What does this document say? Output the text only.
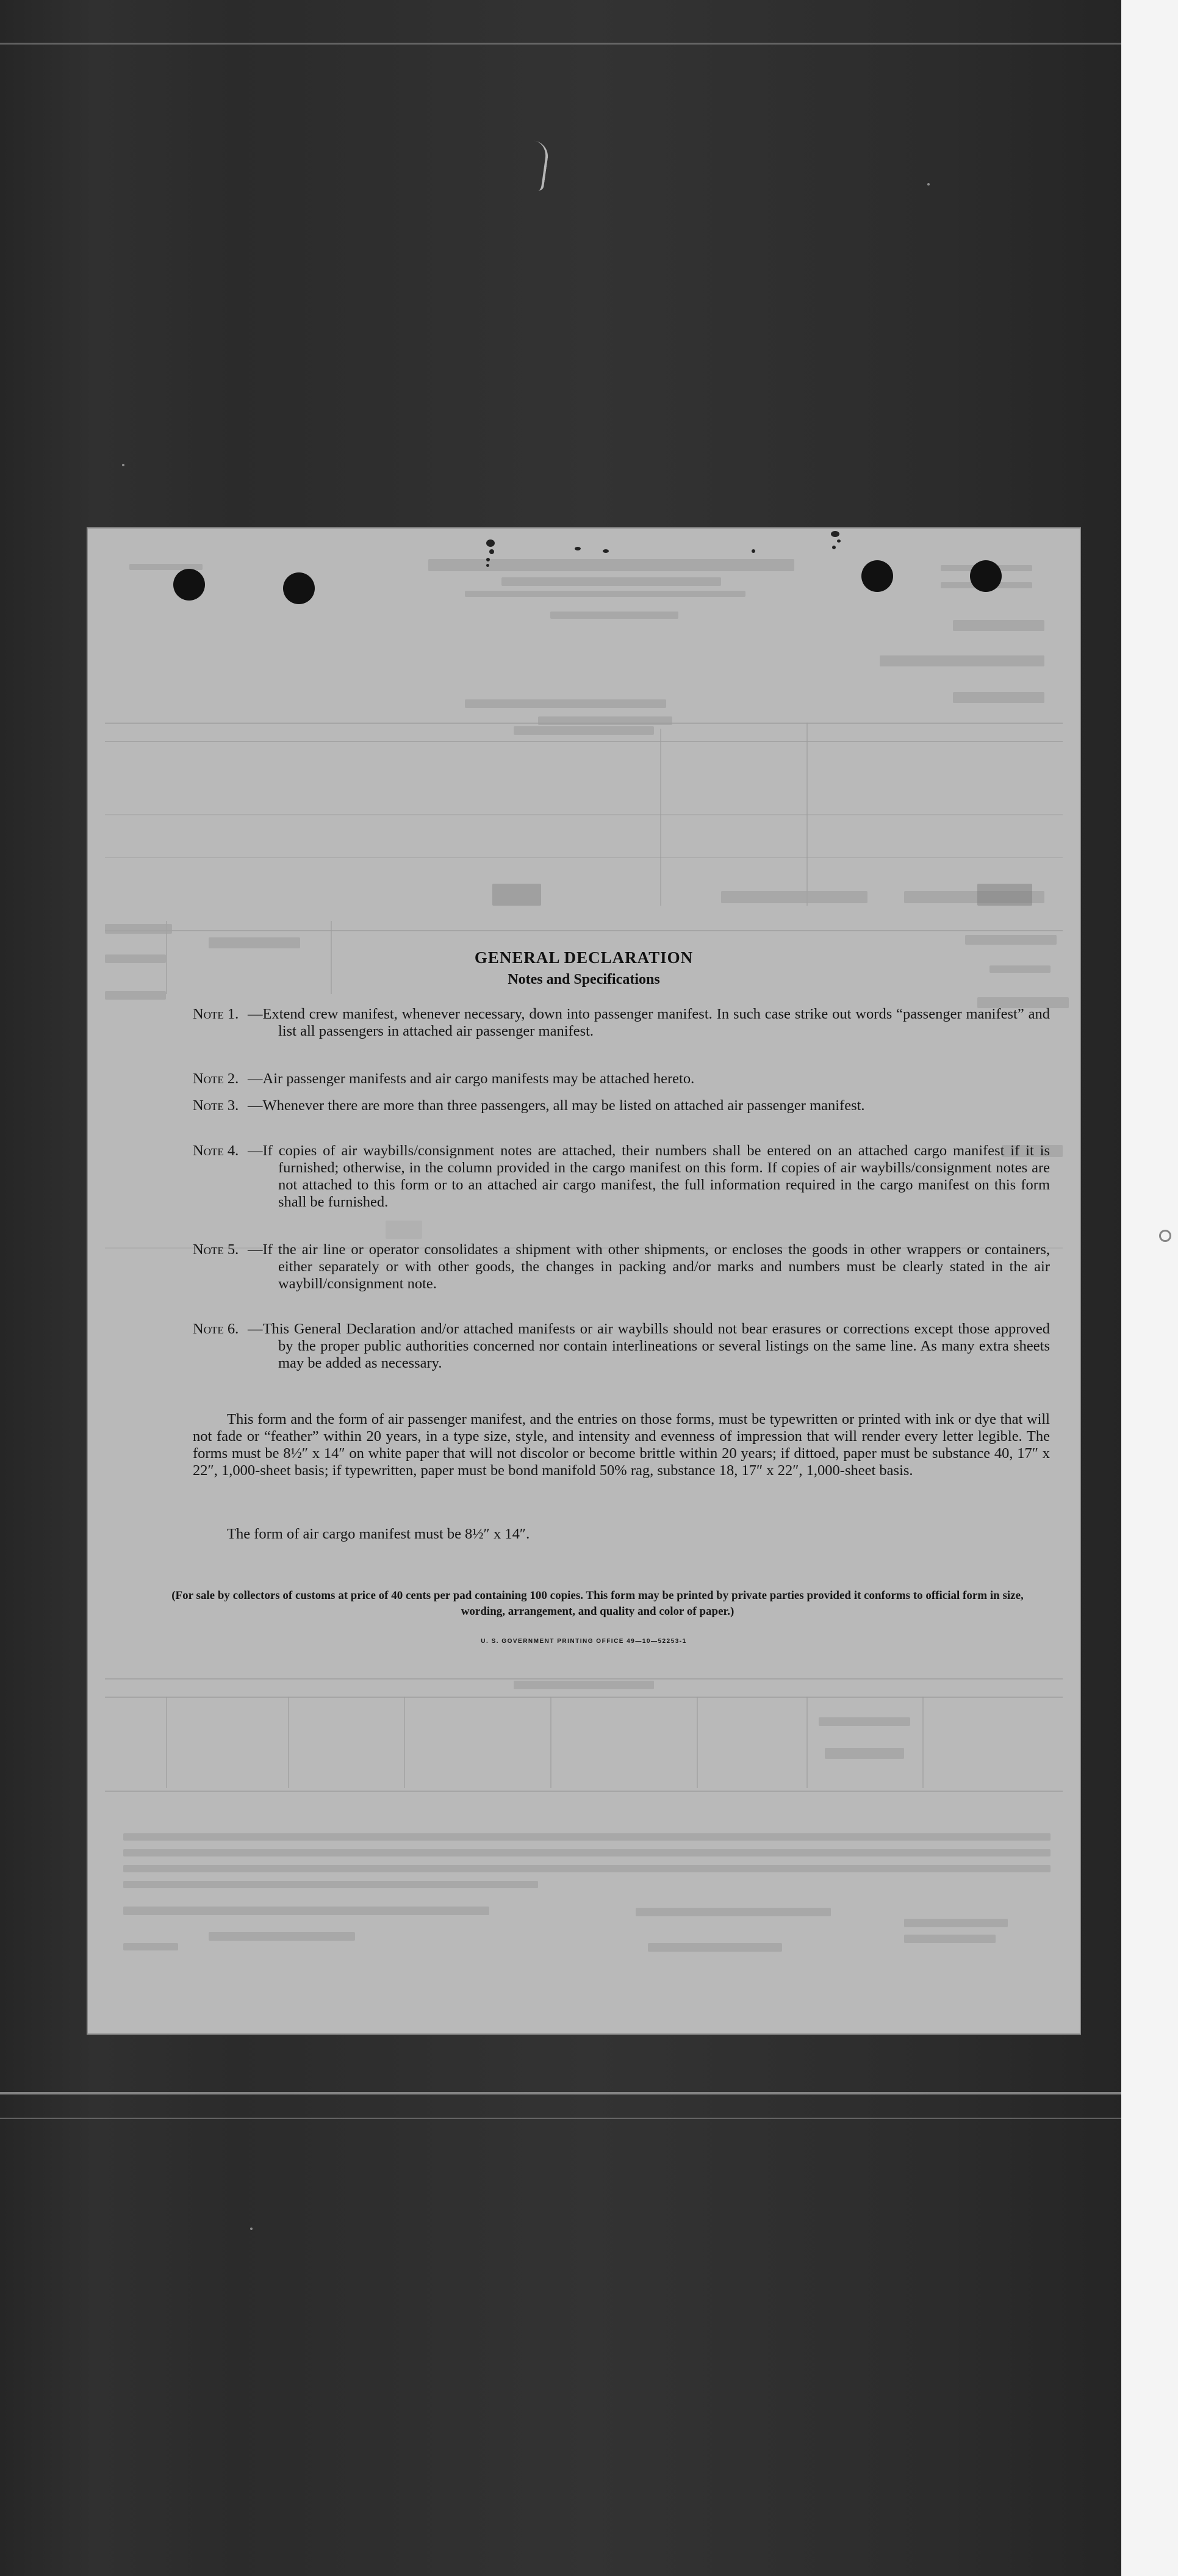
GENERAL DECLARATION
Notes and Specifications
Note 1. —Extend crew manifest, whenever necessary, down into passenger manifest. In such case strike out words “passenger manifest” and list all passengers in attached air passenger manifest.
Note 2. —Air passenger manifests and air cargo manifests may be attached hereto.
Note 3. —Whenever there are more than three passengers, all may be listed on attached air passenger manifest.
Note 4. —If copies of air waybills/consignment notes are attached, their numbers shall be entered on an attached cargo manifest if it is furnished; otherwise, in the column provided in the cargo manifest on this form. If copies of air waybills/consignment notes are not attached to this form or to an attached air cargo manifest, the full information required in the cargo manifest on this form shall be furnished.
Note 5. —If the air line or operator consolidates a shipment with other shipments, or encloses the goods in other wrappers or containers, either separately or with other goods, the changes in packing and/or marks and numbers must be clearly stated in the air waybill/consignment note.
Note 6. —This General Declaration and/or attached manifests or air waybills should not bear erasures or corrections except those approved by the proper public authorities concerned nor contain interlineations or several listings on the same line. As many extra sheets may be added as necessary.
This form and the form of air passenger manifest, and the entries on those forms, must be typewritten or printed with ink or dye that will not fade or “feather” within 20 years, in a type size, style, and intensity and evenness of impression that will render every letter legible. The forms must be 8½″ x 14″ on white paper that will not discolor or become brittle within 20 years; if dittoed, paper must be substance 40, 17″ x 22″, 1,000-sheet basis; if typewritten, paper must be bond manifold 50% rag, substance 18, 17″ x 22″, 1,000-sheet basis.
The form of air cargo manifest must be 8½″ x 14″.
(For sale by collectors of customs at price of 40 cents per pad containing 100 copies. This form may be printed by private parties provided it conforms to official form in size, wording, arrangement, and quality and color of paper.)
U. S. GOVERNMENT PRINTING OFFICE 49—10—52253-1
